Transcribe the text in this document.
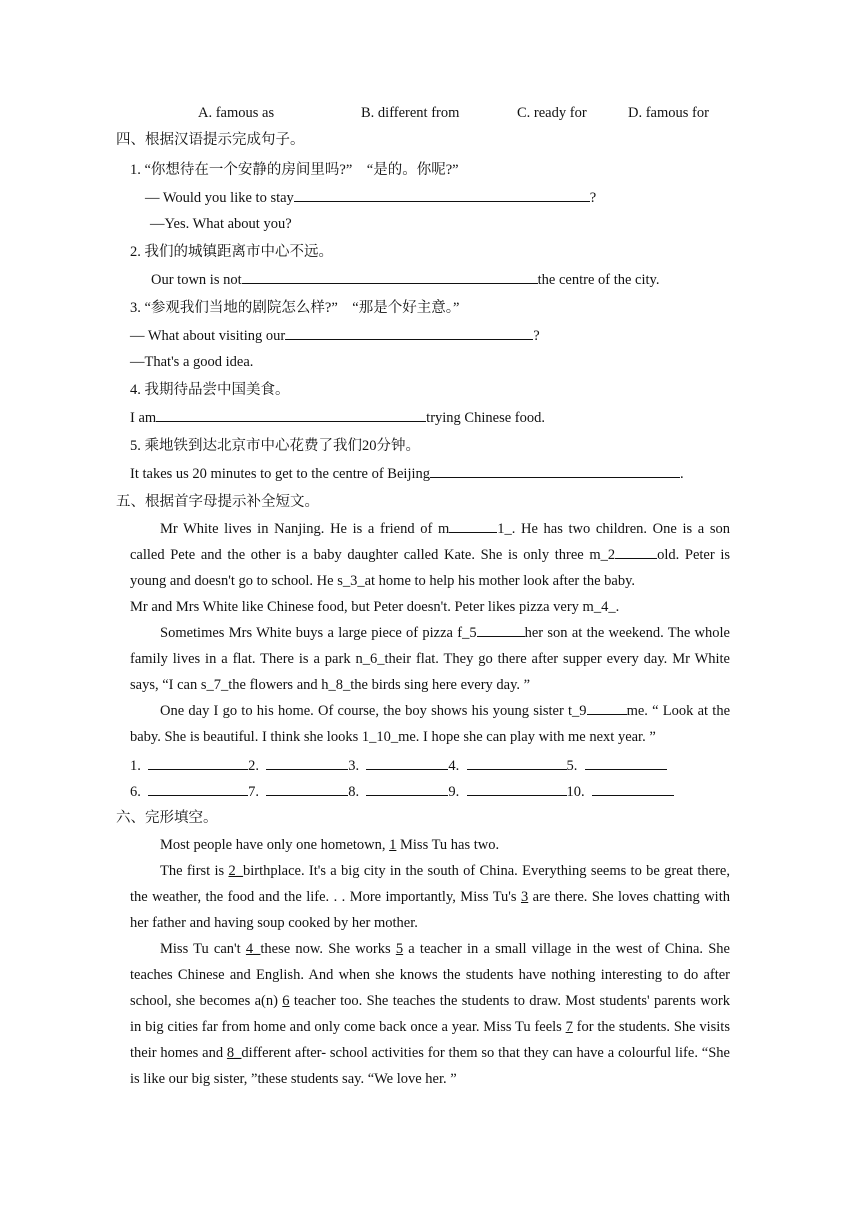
A. famous as	B. different from	C. ready for	D. famous for
四、根据汉语提示完成句子。
1. “你想待在一个安静的房间里吗?”　“是的。你呢?”
— Would you like to stay	?
—Yes. What about you?
2. 我们的城镇距离市中心不远。
Our town is not	the centre of the city.
3. “参观我们当地的剧院怎么样?”　“那是个好主意。”
— What about visiting our	?
—That's a good idea.
4. 我期待品尝中国美食。
I am	trying Chinese food.
5. 乘地铁到达北京市中心花费了我们20分钟。
It takes us 20 minutes to get to the centre of Beijing	.
五、根据首字母提示补全短文。

Mr White lives in Nanjing. He is a friend of m	1_. He has two children. One is a son called Pete and the other is a baby daughter called Kate. She is only three m_2	old. Peter is young and doesn't go to school. He s_3_at home to help his mother look after the baby.

Mr and Mrs White like Chinese food, but Peter doesn't. Peter likes pizza very m_4_.

Sometimes Mrs White buys a large piece of pizza f_5	her son at the weekend. The whole family lives in a flat. There is a park n_6_their flat. They go there after supper every day. Mr White says, “I can s_7_the flowers and h_8_the birds sing here every day. ”

One day I go to his home. Of course, the boy shows his young sister t_9	me. “ Look at the baby. She is beautiful. I think she looks 1_10_me. I hope she can play with me next year. ”

1.	2.	3.	4.	5.
6.	7.	8.	9.	10.
六、完形填空。

Most people have only one hometown, 1 Miss Tu has two.

The first is 2_birthplace. It's a big city in the south of China. Everything seems to be great there, the weather, the food and the life. . . More importantly, Miss Tu's 3 are there. She loves chatting with her father and having soup cooked by her mother.

Miss Tu can't 4_these now. She works 5 a teacher in a small village in the west of China. She teaches Chinese and English. And when she knows the students have nothing interesting to do after school, she becomes a(n) 6 teacher too. She teaches the students to draw. Most students' parents work in big cities far from home and only come back once a year. Miss Tu feels 7 for the students. She visits their homes and 8_different after- school activities for them so that they can have a colourful life. “She is like our big sister, ”these students say. “We love her. ”
